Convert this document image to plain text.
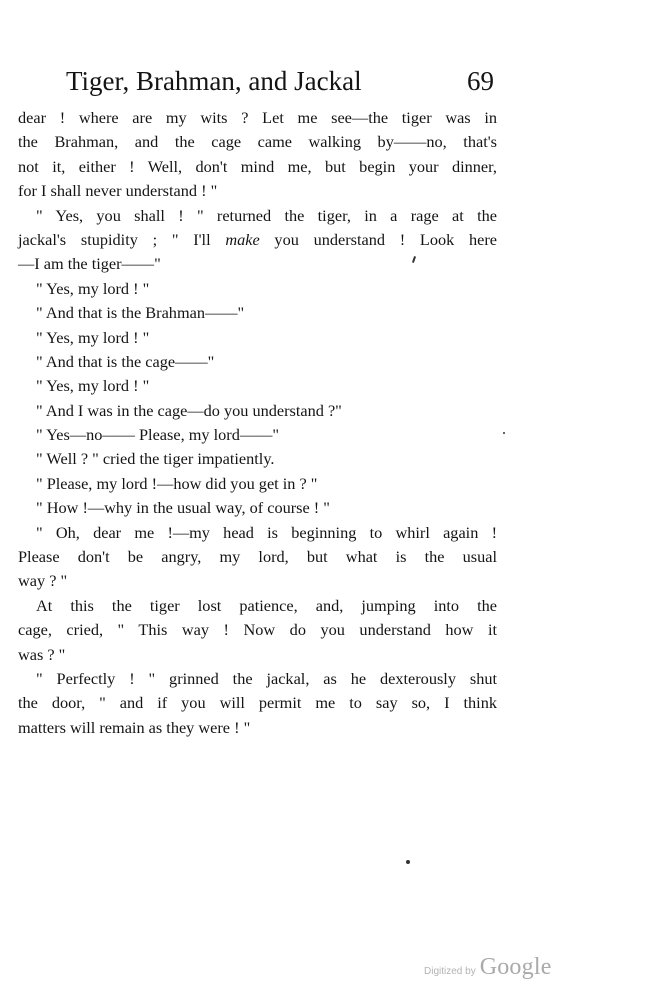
Tiger, Brahman, and Jackal	69
dear ! where are my wits ? Let me see—the tiger was in
the Brahman, and the cage came walking by——no, that's
not it, either ! Well, don't mind me, but begin your dinner,
for I shall never understand ! "
" Yes, you shall ! " returned the tiger, in a rage at the
jackal's stupidity ; " I'll make you understand ! Look here
—I am the tiger——"
" Yes, my lord ! "
" And that is the Brahman——"
" Yes, my lord ! "
" And that is the cage——"
" Yes, my lord ! "
" And I was in the cage—do you understand ?"
" Yes—no—— Please, my lord——"
" Well ? " cried the tiger impatiently.
" Please, my lord !—how did you get in ? "
" How !—why in the usual way, of course ! "
" Oh, dear me !—my head is beginning to whirl again !
Please don't be angry, my lord, but what is the usual
way ? "
At this the tiger lost patience, and, jumping into the
cage, cried, " This way ! Now do you understand how it
was ? "
" Perfectly ! " grinned the jackal, as he dexterously shut
the door, " and if you will permit me to say so, I think
matters will remain as they were ! "
Digitized by Google
